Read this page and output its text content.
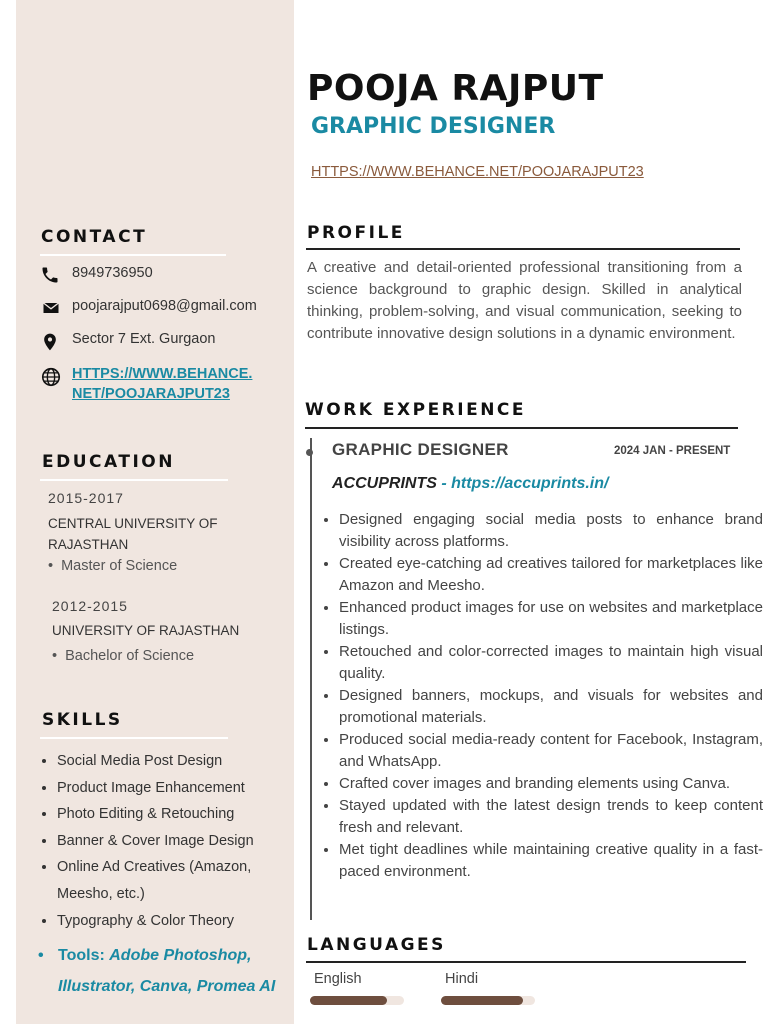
CONTACT
8949736950
poojarajput0698@gmail.com
Sector 7 Ext. Gurgaon
HTTPS://WWW.BEHANCE.
NET/POOJARAJPUT23
EDUCATION
2015-2017
CENTRAL UNIVERSITY OF
RAJASTHAN
• Master of Science
2012-2015
UNIVERSITY OF RAJASTHAN
• Bachelor of Science
SKILLS
• Social Media Post Design
• Product Image Enhancement
• Photo Editing & Retouching
• Banner & Cover Image Design
• Online Ad Creatives (Amazon, Meesho, etc.)
• Typography & Color Theory
• Tools: Adobe Photoshop, Illustrator, Canva, Promea AI
POOJA RAJPUT
GRAPHIC DESIGNER
HTTPS://WWW.BEHANCE.NET/POOJARAJPUT23
PROFILE
A creative and detail-oriented professional transitioning from a science background to graphic design. Skilled in analytical thinking, problem-solving, and visual communication, seeking to contribute innovative design solutions in a dynamic environment.
WORK EXPERIENCE
GRAPHIC DESIGNER	2024 JAN - PRESENT
ACCUPRINTS - https://accuprints.in/
• Designed engaging social media posts to enhance brand visibility across platforms.
• Created eye-catching ad creatives tailored for marketplaces like Amazon and Meesho.
• Enhanced product images for use on websites and marketplace listings.
• Retouched and color-corrected images to maintain high visual quality.
• Designed banners, mockups, and visuals for websites and promotional materials.
• Produced social media-ready content for Facebook, Instagram, and WhatsApp.
• Crafted cover images and branding elements using Canva.
• Stayed updated with the latest design trends to keep content fresh and relevant.
• Met tight deadlines while maintaining creative quality in a fast-paced environment.
LANGUAGES
English	Hindi
